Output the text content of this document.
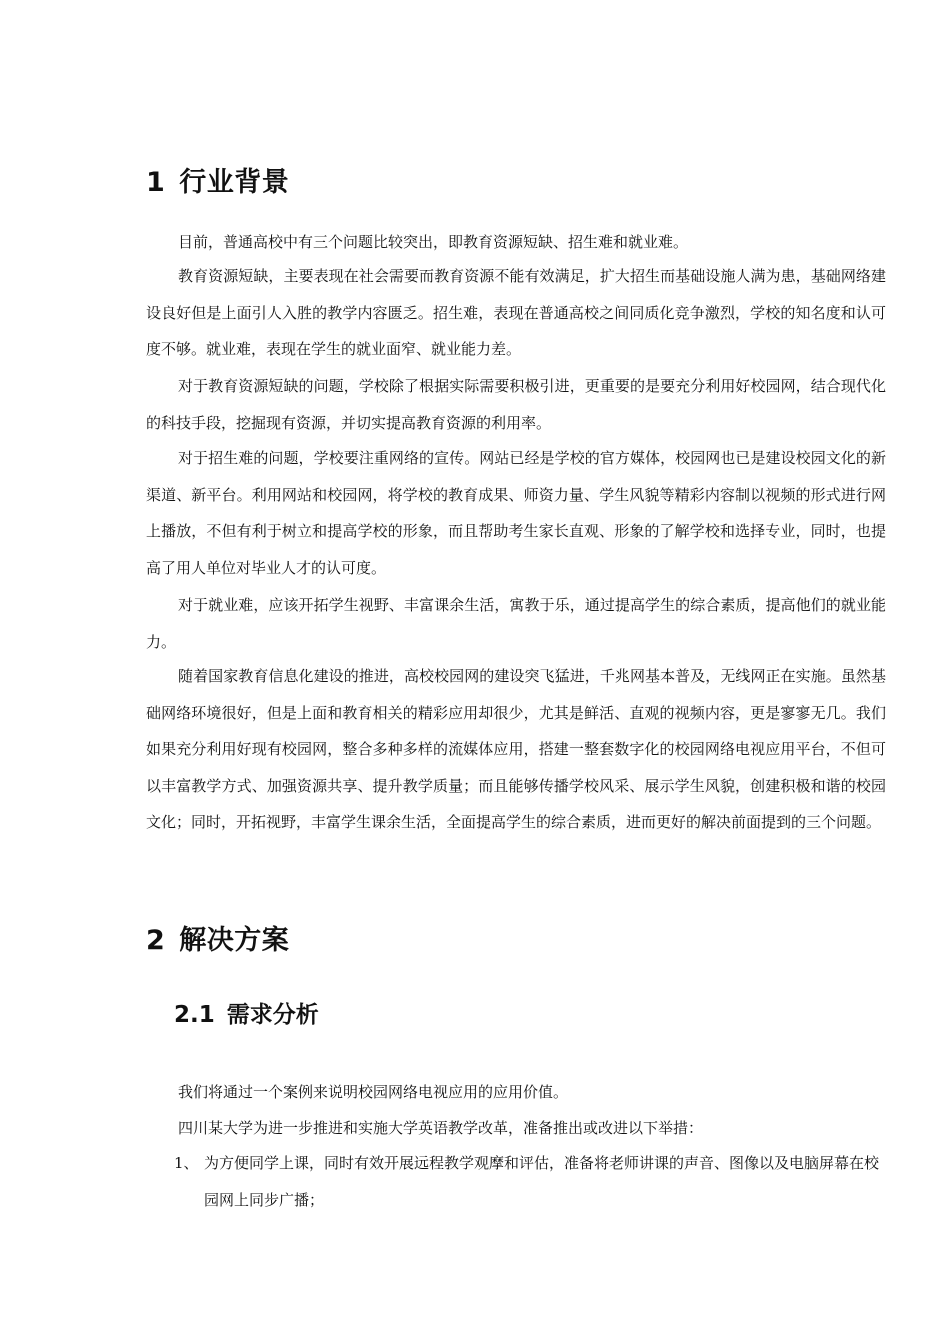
1 行业背景

目前，普通高校中有三个问题比较突出，即教育资源短缺、招生难和就业难。

教育资源短缺，主要表现在社会需要而教育资源不能有效满足，扩大招生而基础设施人满为患，基础网络建设良好但是上面引人入胜的教学内容匮乏。招生难，表现在普通高校之间同质化竞争激烈，学校的知名度和认可度不够。就业难，表现在学生的就业面窄、就业能力差。

对于教育资源短缺的问题，学校除了根据实际需要积极引进，更重要的是要充分利用好校园网，结合现代化的科技手段，挖掘现有资源，并切实提高教育资源的利用率。

对于招生难的问题，学校要注重网络的宣传。网站已经是学校的官方媒体，校园网也已是建设校园文化的新渠道、新平台。利用网站和校园网，将学校的教育成果、师资力量、学生风貌等精彩内容制以视频的形式进行网上播放，不但有利于树立和提高学校的形象，而且帮助考生家长直观、形象的了解学校和选择专业，同时，也提高了用人单位对毕业人才的认可度。

对于就业难，应该开拓学生视野、丰富课余生活，寓教于乐，通过提高学生的综合素质，提高他们的就业能力。

随着国家教育信息化建设的推进，高校校园网的建设突飞猛进，千兆网基本普及，无线网正在实施。虽然基础网络环境很好，但是上面和教育相关的精彩应用却很少，尤其是鲜活、直观的视频内容，更是寥寥无几。我们如果充分利用好现有校园网，整合多种多样的流媒体应用，搭建一整套数字化的校园网络电视应用平台，不但可以丰富教学方式、加强资源共享、提升教学质量；而且能够传播学校风采、展示学生风貌，创建积极和谐的校园文化；同时，开拓视野，丰富学生课余生活，全面提高学生的综合素质，进而更好的解决前面提到的三个问题。

2 解决方案
2.1 需求分析

我们将通过一个案例来说明校园网络电视应用的应用价值。

四川某大学为进一步推进和实施大学英语教学改革，准备推出或改进以下举措：

1、 为方便同学上课，同时有效开展远程教学观摩和评估，准备将老师讲课的声音、图像以及电脑屏幕在校园网上同步广播；
